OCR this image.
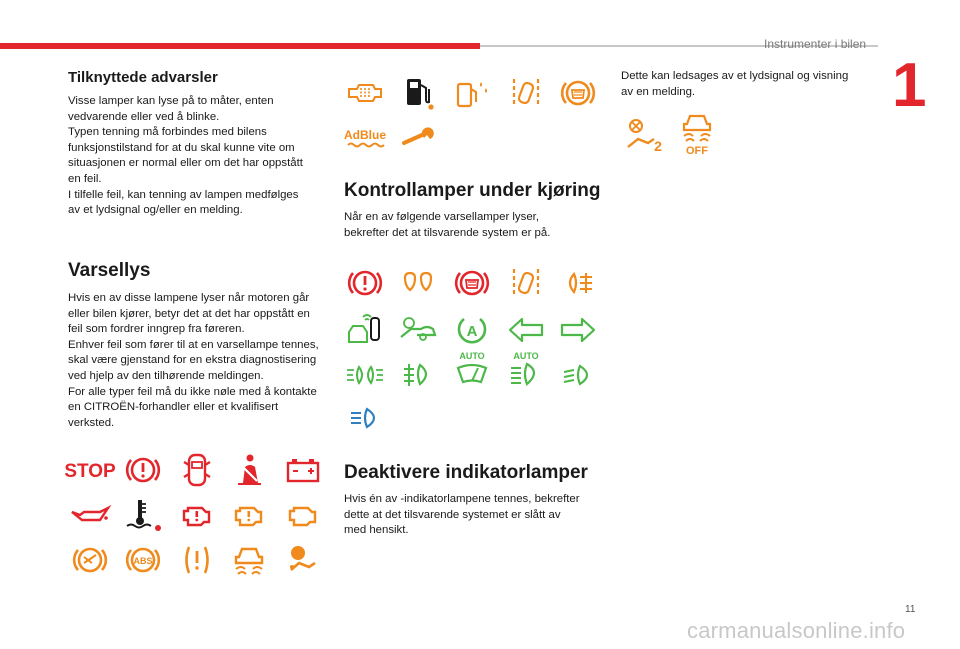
Instrumenter i bilen
1
Tilknyttede advarsler
Visse lamper kan lyse på to måter, enten
vedvarende eller ved å blinke.
Typen tenning må forbindes med bilens
funksjonstilstand for at du skal kunne vite om
situasjonen er normal eller om det har oppstått
en feil.
I tilfelle feil, kan tenning av lampen medfølges
av et lydsignal og/eller en melding.
Varsellys
Hvis en av disse lampene lyser når motoren går
eller bilen kjører, betyr det at det har oppstått en
feil som fordrer inngrep fra føreren.
Enhver feil som fører til at en varsellampe tennes,
skal være gjenstand for en ekstra diagnostisering
ved hjelp av den tilhørende meldingen.
For alle typer feil må du ikke nøle med å kontakte
en CITROËN-forhandler eller et kvalifisert
verksted.
STOP
ABS
AdBlue
Kontrollamper under kjøring
Når en av følgende varsellamper lyser,
bekrefter det at tilsvarende system er på.
A
AUTO	AUTO
Deaktivere indikatorlamper
Hvis én av -indikatorlampene tennes, bekrefter
dette at det tilsvarende systemet er slått av
med hensikt.
Dette kan ledsages av et lydsignal og visning
av en melding.
2 OFF
11
carmanualsonline.info
